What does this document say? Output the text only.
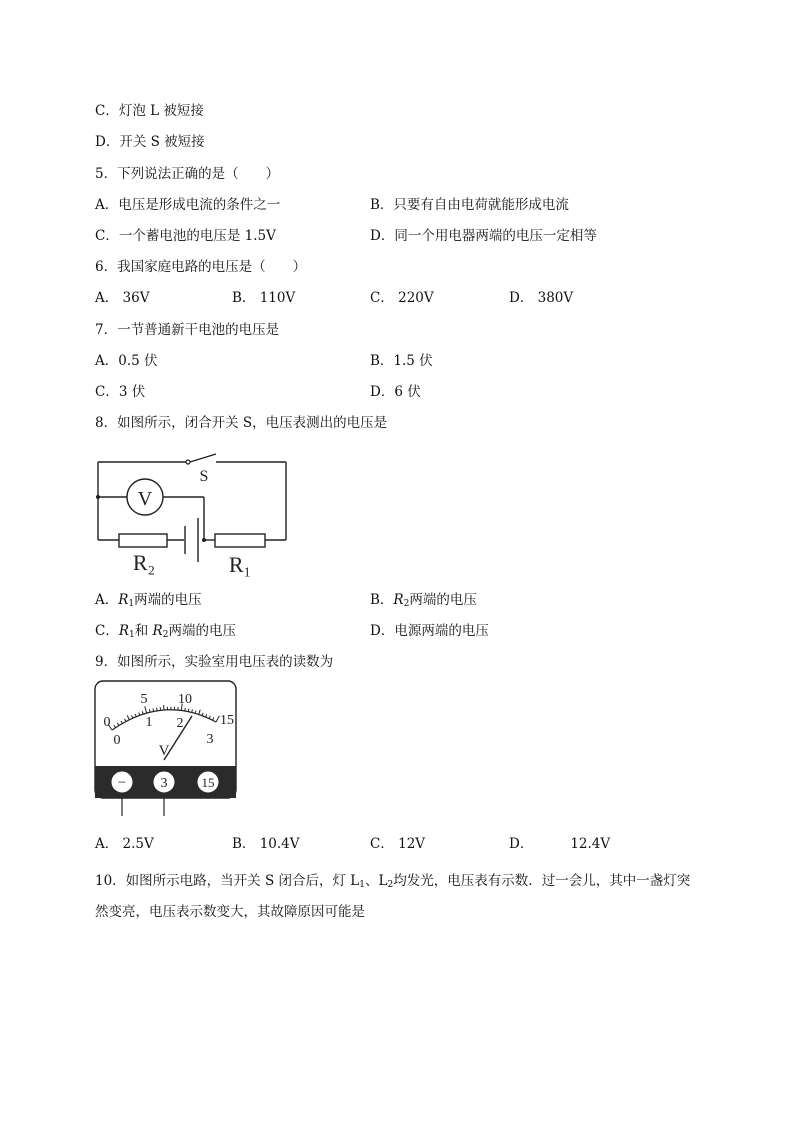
C．灯泡 L 被短接
D．开关 S 被短接
5．下列说法正确的是（　　）
A．电压是形成电流的条件之一	B．只要有自由电荷就能形成电流
C．一个蓄电池的电压是 1.5V	D．同一个用电器两端的电压一定相等
6．我国家庭电路的电压是（　　）
A． 36V	B． 110V	C． 220V	D． 380V
7．一节普通新干电池的电压是
A．0.5 伏	B．1.5 伏
C．3 伏	D．6 伏
8．如图所示，闭合开关 S，电压表测出的电压是
V
S
R₂	R₁
A．$R_1$两端的电压	B．$R_2$两端的电压
C．$R_1$和 $R_2$两端的电压	D．电源两端的电压
9．如图所示，实验室用电压表的读数为
0
5 10
15
0
1 2
3
V
− 3	15
A． 2.5V	B． 10.4V	C． 12V	D．	12.4V
10．如图所示电路，当开关 S 闭合后，灯 $L_1$、$L_2$均发光，电压表有示数．过一会儿，其中一盏灯突
然变亮，电压表示数变大，其故障原因可能是
